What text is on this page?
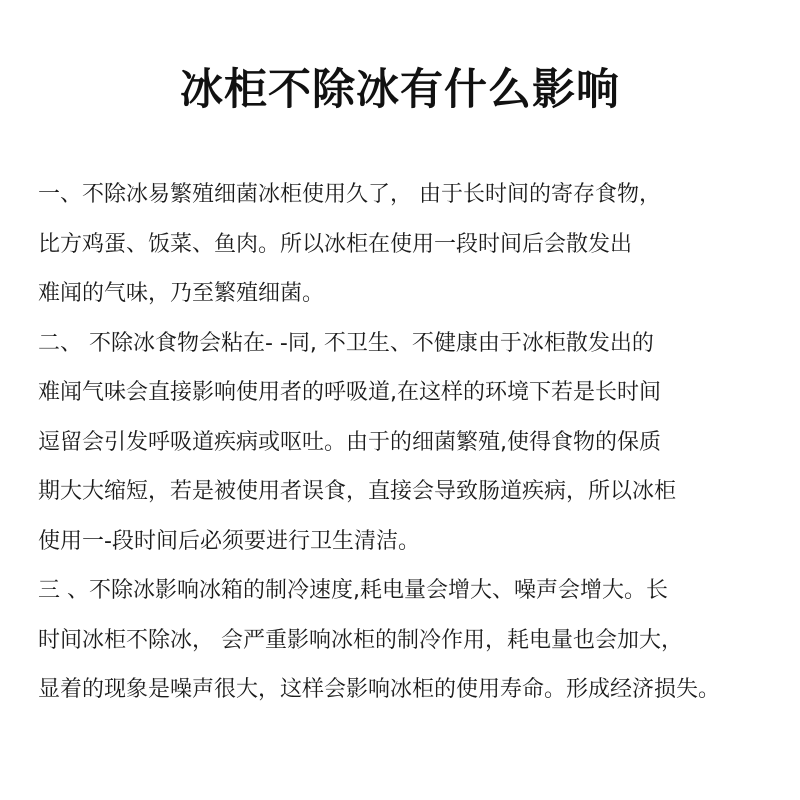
冰柜不除冰有什么影响
一、不除冰易繁殖细菌冰柜使用久了， 由于长时间的寄存食物，
比方鸡蛋、饭菜、鱼肉。所以冰柜在使用一段时间后会散发出
难闻的气味，乃至繁殖细菌。
二、 不除冰食物会粘在- -同, 不卫生、不健康由于冰柜散发出的
难闻气味会直接影响使用者的呼吸道,在这样的环境下若是长时间
逗留会引发呼吸道疾病或呕吐。由于的细菌繁殖,使得食物的保质
期大大缩短，若是被使用者误食，直接会导致肠道疾病，所以冰柜
使用一-段时间后必须要进行卫生清洁。
三 、不除冰影响冰箱的制冷速度,耗电量会增大、噪声会增大。长
时间冰柜不除冰， 会严重影响冰柜的制冷作用，耗电量也会加大，
显着的现象是噪声很大，这样会影响冰柜的使用寿命。形成经济损失。
